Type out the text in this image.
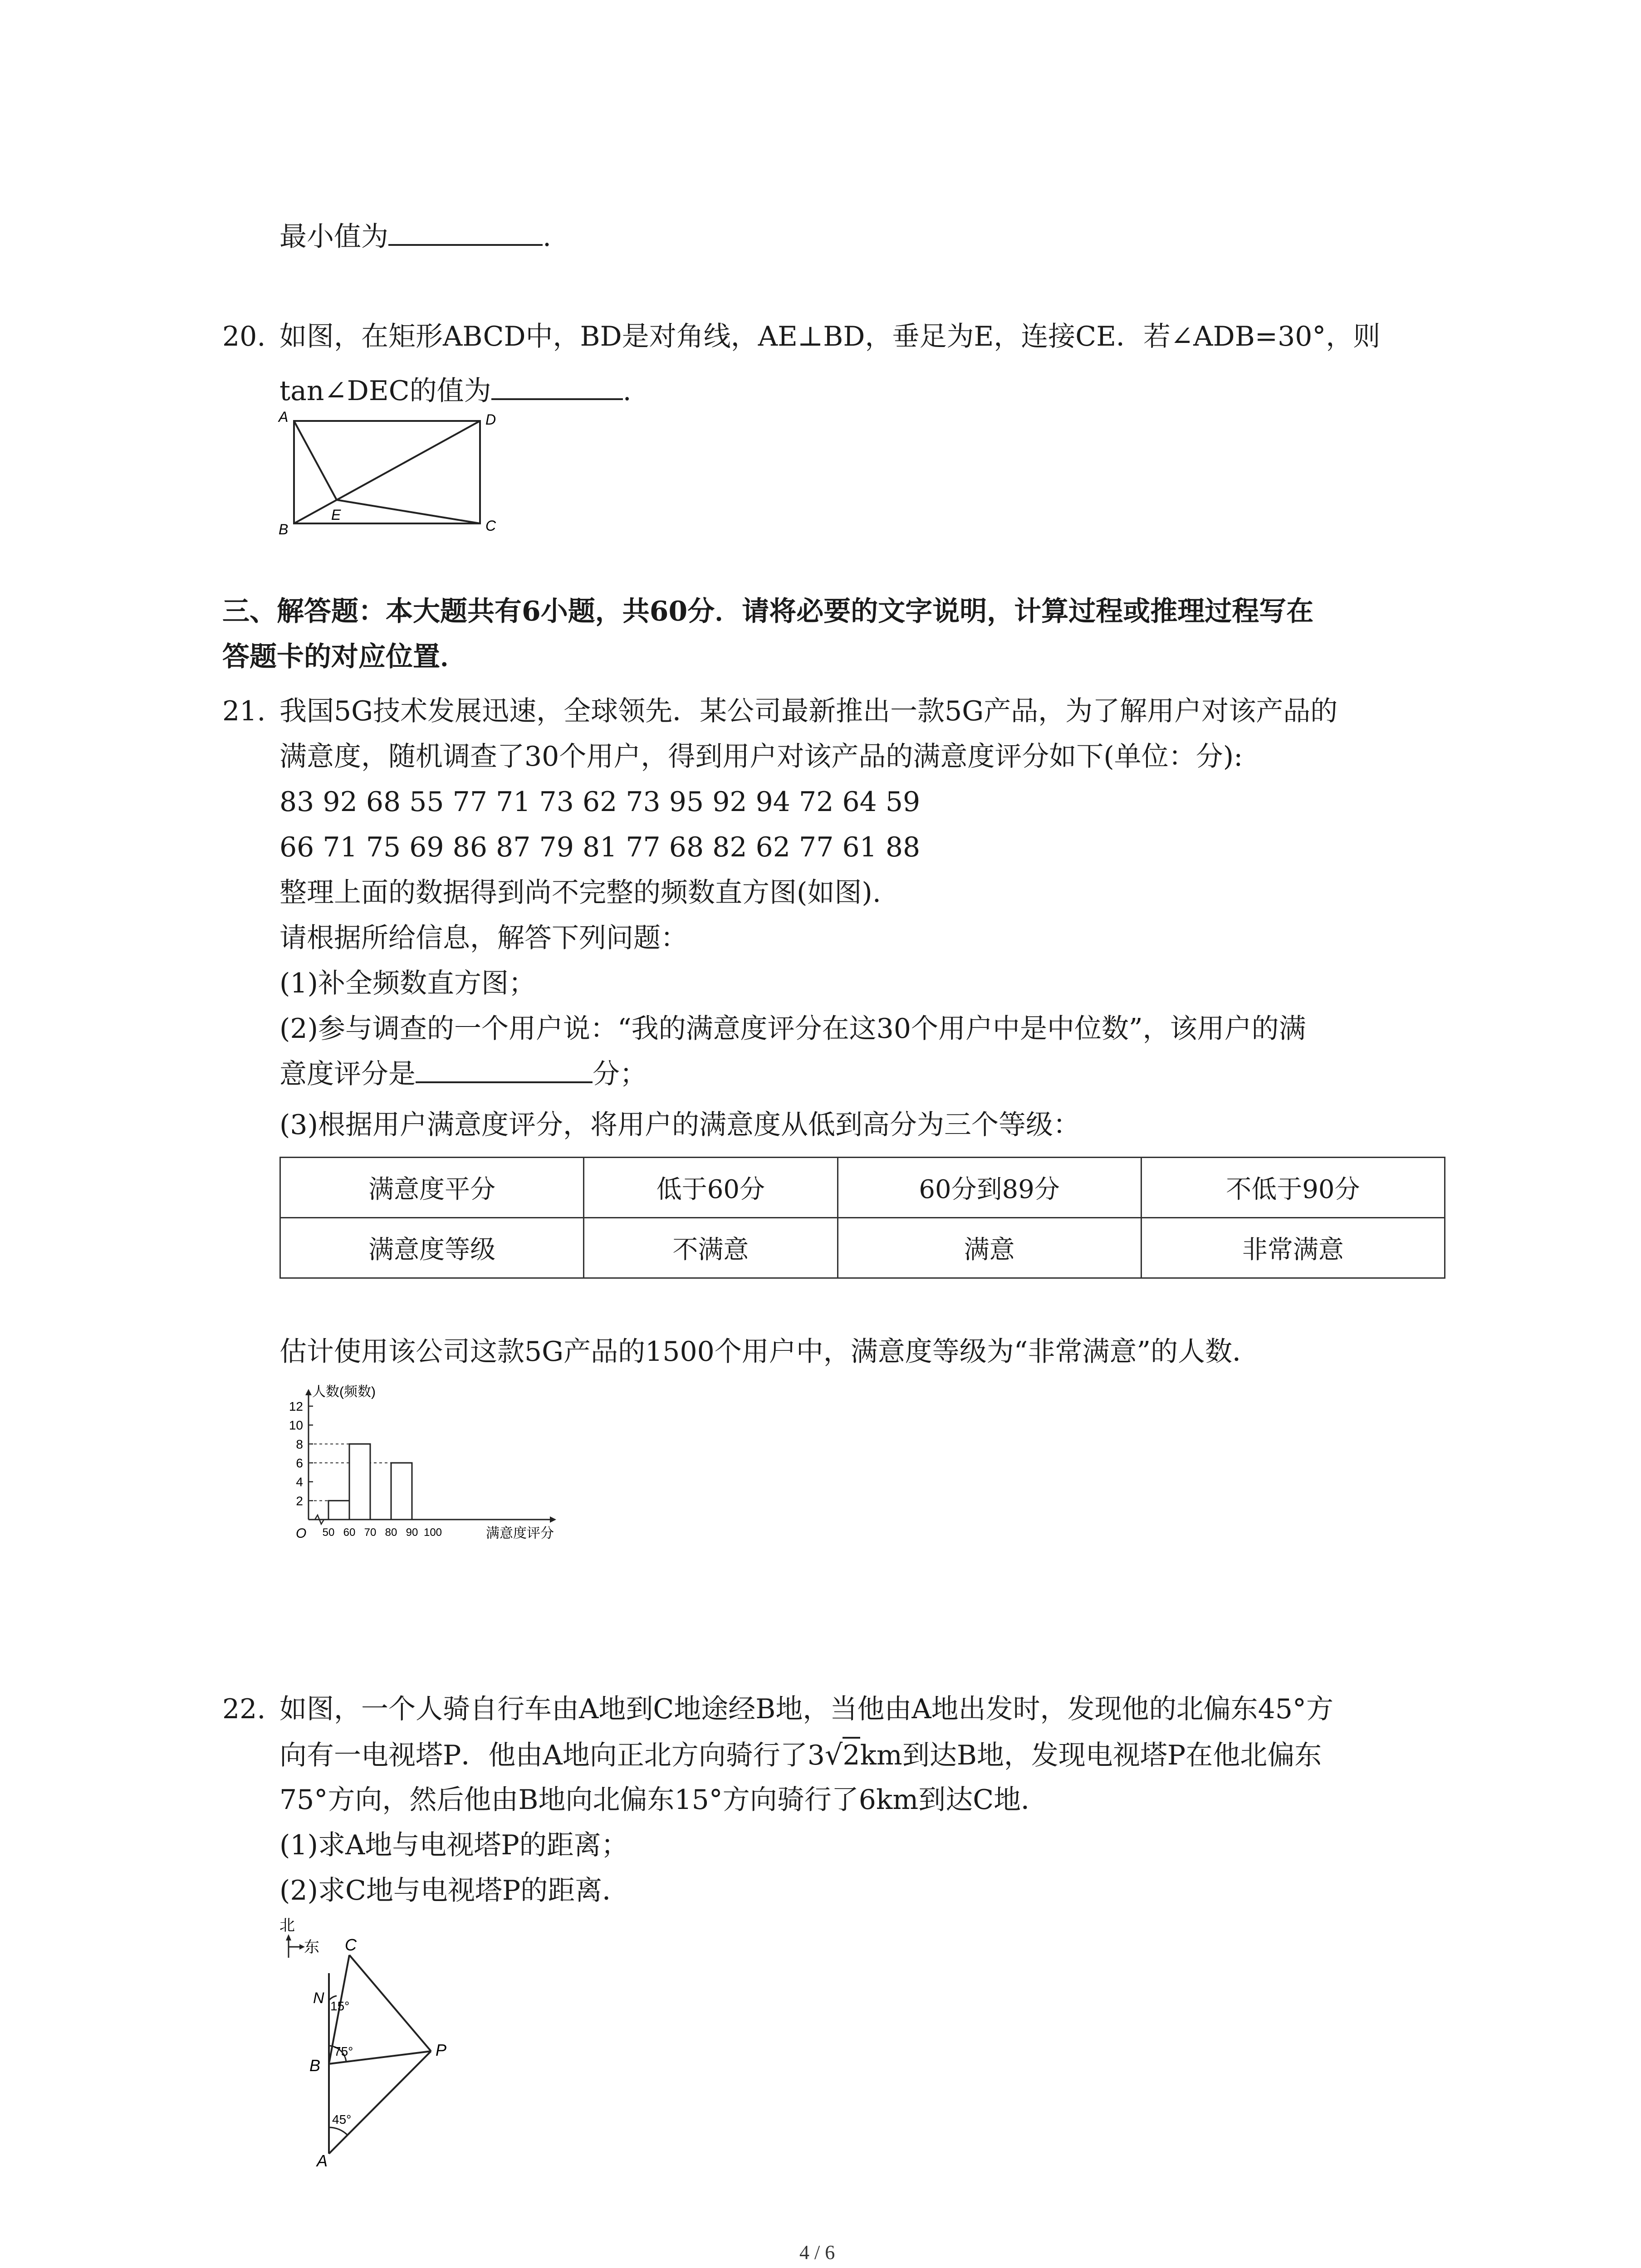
最小值为	.
20. 如图，在矩形ABCD中，BD是对角线，AE⊥BD，垂足为E，连接CE．若∠ADB=30°，则
tan∠DEC的值为	.
A	D
B	C
E
三、解答题：本大题共有6小题，共60分．请将必要的文字说明，计算过程或推理过程写在
答题卡的对应位置．
21. 我国5G技术发展迅速，全球领先．某公司最新推出一款5G产品，为了解用户对该产品的
满意度，随机调查了30个用户，得到用户对该产品的满意度评分如下(单位：分):
83 92 68 55 77 71 73 62 73 95 92 94 72 64 59
66 71 75 69 86 87 79 81 77 68 82 62 77 61 88
整理上面的数据得到尚不完整的频数直方图(如图).
请根据所给信息，解答下列问题：
(1)补全频数直方图；
(2)参与调查的一个用户说：“我的满意度评分在这30个用户中是中位数”，该用户的满
意度评分是	分；
(3)根据用户满意度评分，将用户的满意度从低到高分为三个等级：
满意度平分	低于60分	60分到89分	不低于90分
满意度等级	不满意	满意	非常满意
估计使用该公司这款5G产品的1500个用户中，满意度等级为“非常满意”的人数．
2
4
6
8
10
12
50 60 70 80 90 100
O
人数(频数)
满意度评分
22. 如图，一个人骑自行车由A地到C地途经B地，当他由A地出发时，发现他的北偏东45°方
向有一电视塔P．他由A地向正北方向骑行了3√2km到达B地，发现电视塔P在他北偏东
75°方向，然后他由B地向北偏东15°方向骑行了6km到达C地．
(1)求A地与电视塔P的距离；
(2)求C地与电视塔P的距离．
北
东 C
N 15°
75°	P
B
45°
A
4 / 6
